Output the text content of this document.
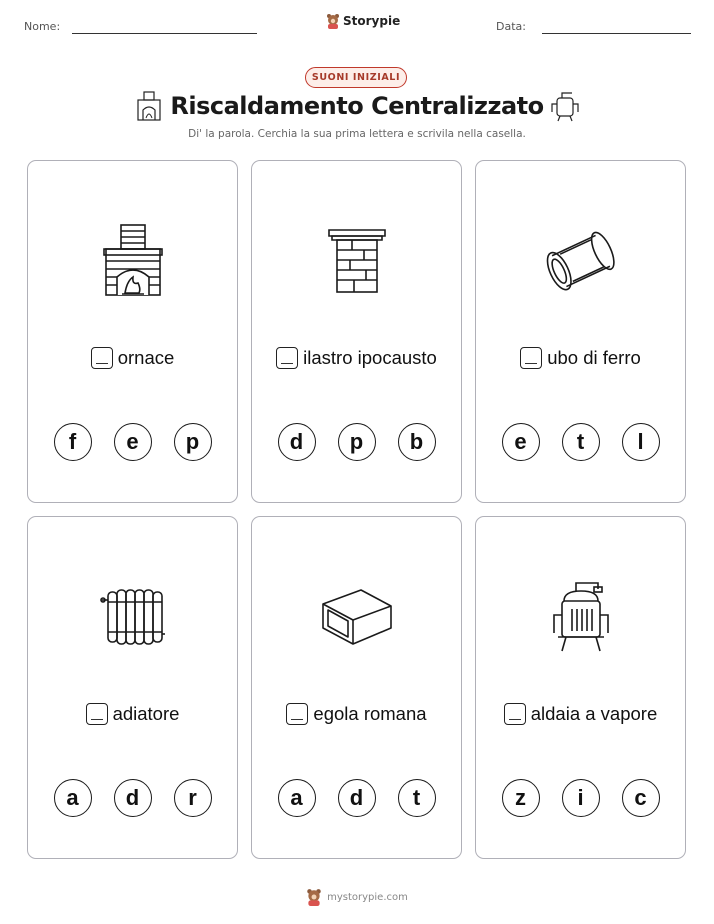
Nome:	Storypie	Data:
SUONI INIZIALI
Riscaldamento Centralizzato
Di' la parola. Cerchia la sua prima lettera e scrivila nella casella.
ornace
f	e	p
ilastro ipocausto
d	p	b
ubo di ferro
e	t	l
adiatore
a	d	r
egola romana
a	d	t
aldaia a vapore
z	i	c
mystorypie.com
